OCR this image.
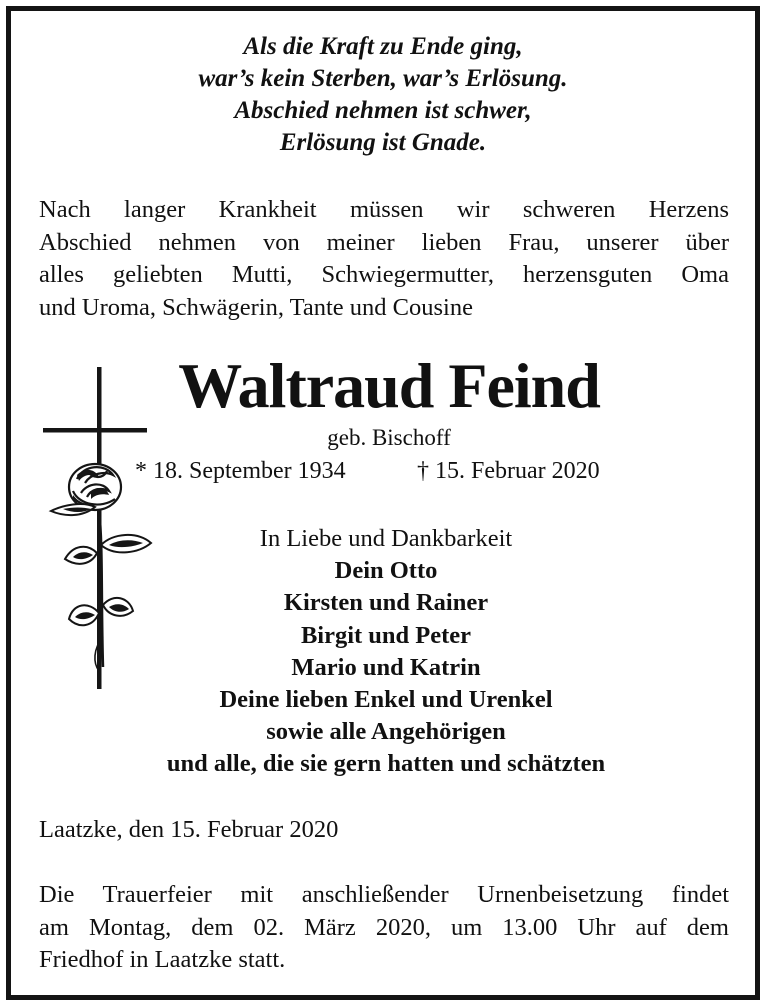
Als die Kraft zu Ende ging,
war’s kein Sterben, war’s Erlösung.
Abschied nehmen ist schwer,
Erlösung ist Gnade.
Nach langer Krankheit müssen wir schweren Herzens
Abschied nehmen von meiner lieben Frau, unserer über
alles geliebten Mutti, Schwiegermutter, herzensguten Oma
und Uroma, Schwägerin, Tante und Cousine
Waltraud Feind
geb. Bischoff
* 18. September 1934	† 15. Februar 2020
In Liebe und Dankbarkeit
Dein Otto
Kirsten und Rainer
Birgit und Peter
Mario und Katrin
Deine lieben Enkel und Urenkel
sowie alle Angehörigen
und alle, die sie gern hatten und schätzten
Laatzke, den 15. Februar 2020
Die Trauerfeier mit anschließender Urnenbeisetzung findet
am Montag, dem 02. März 2020, um 13.00 Uhr auf dem
Friedhof in Laatzke statt.
